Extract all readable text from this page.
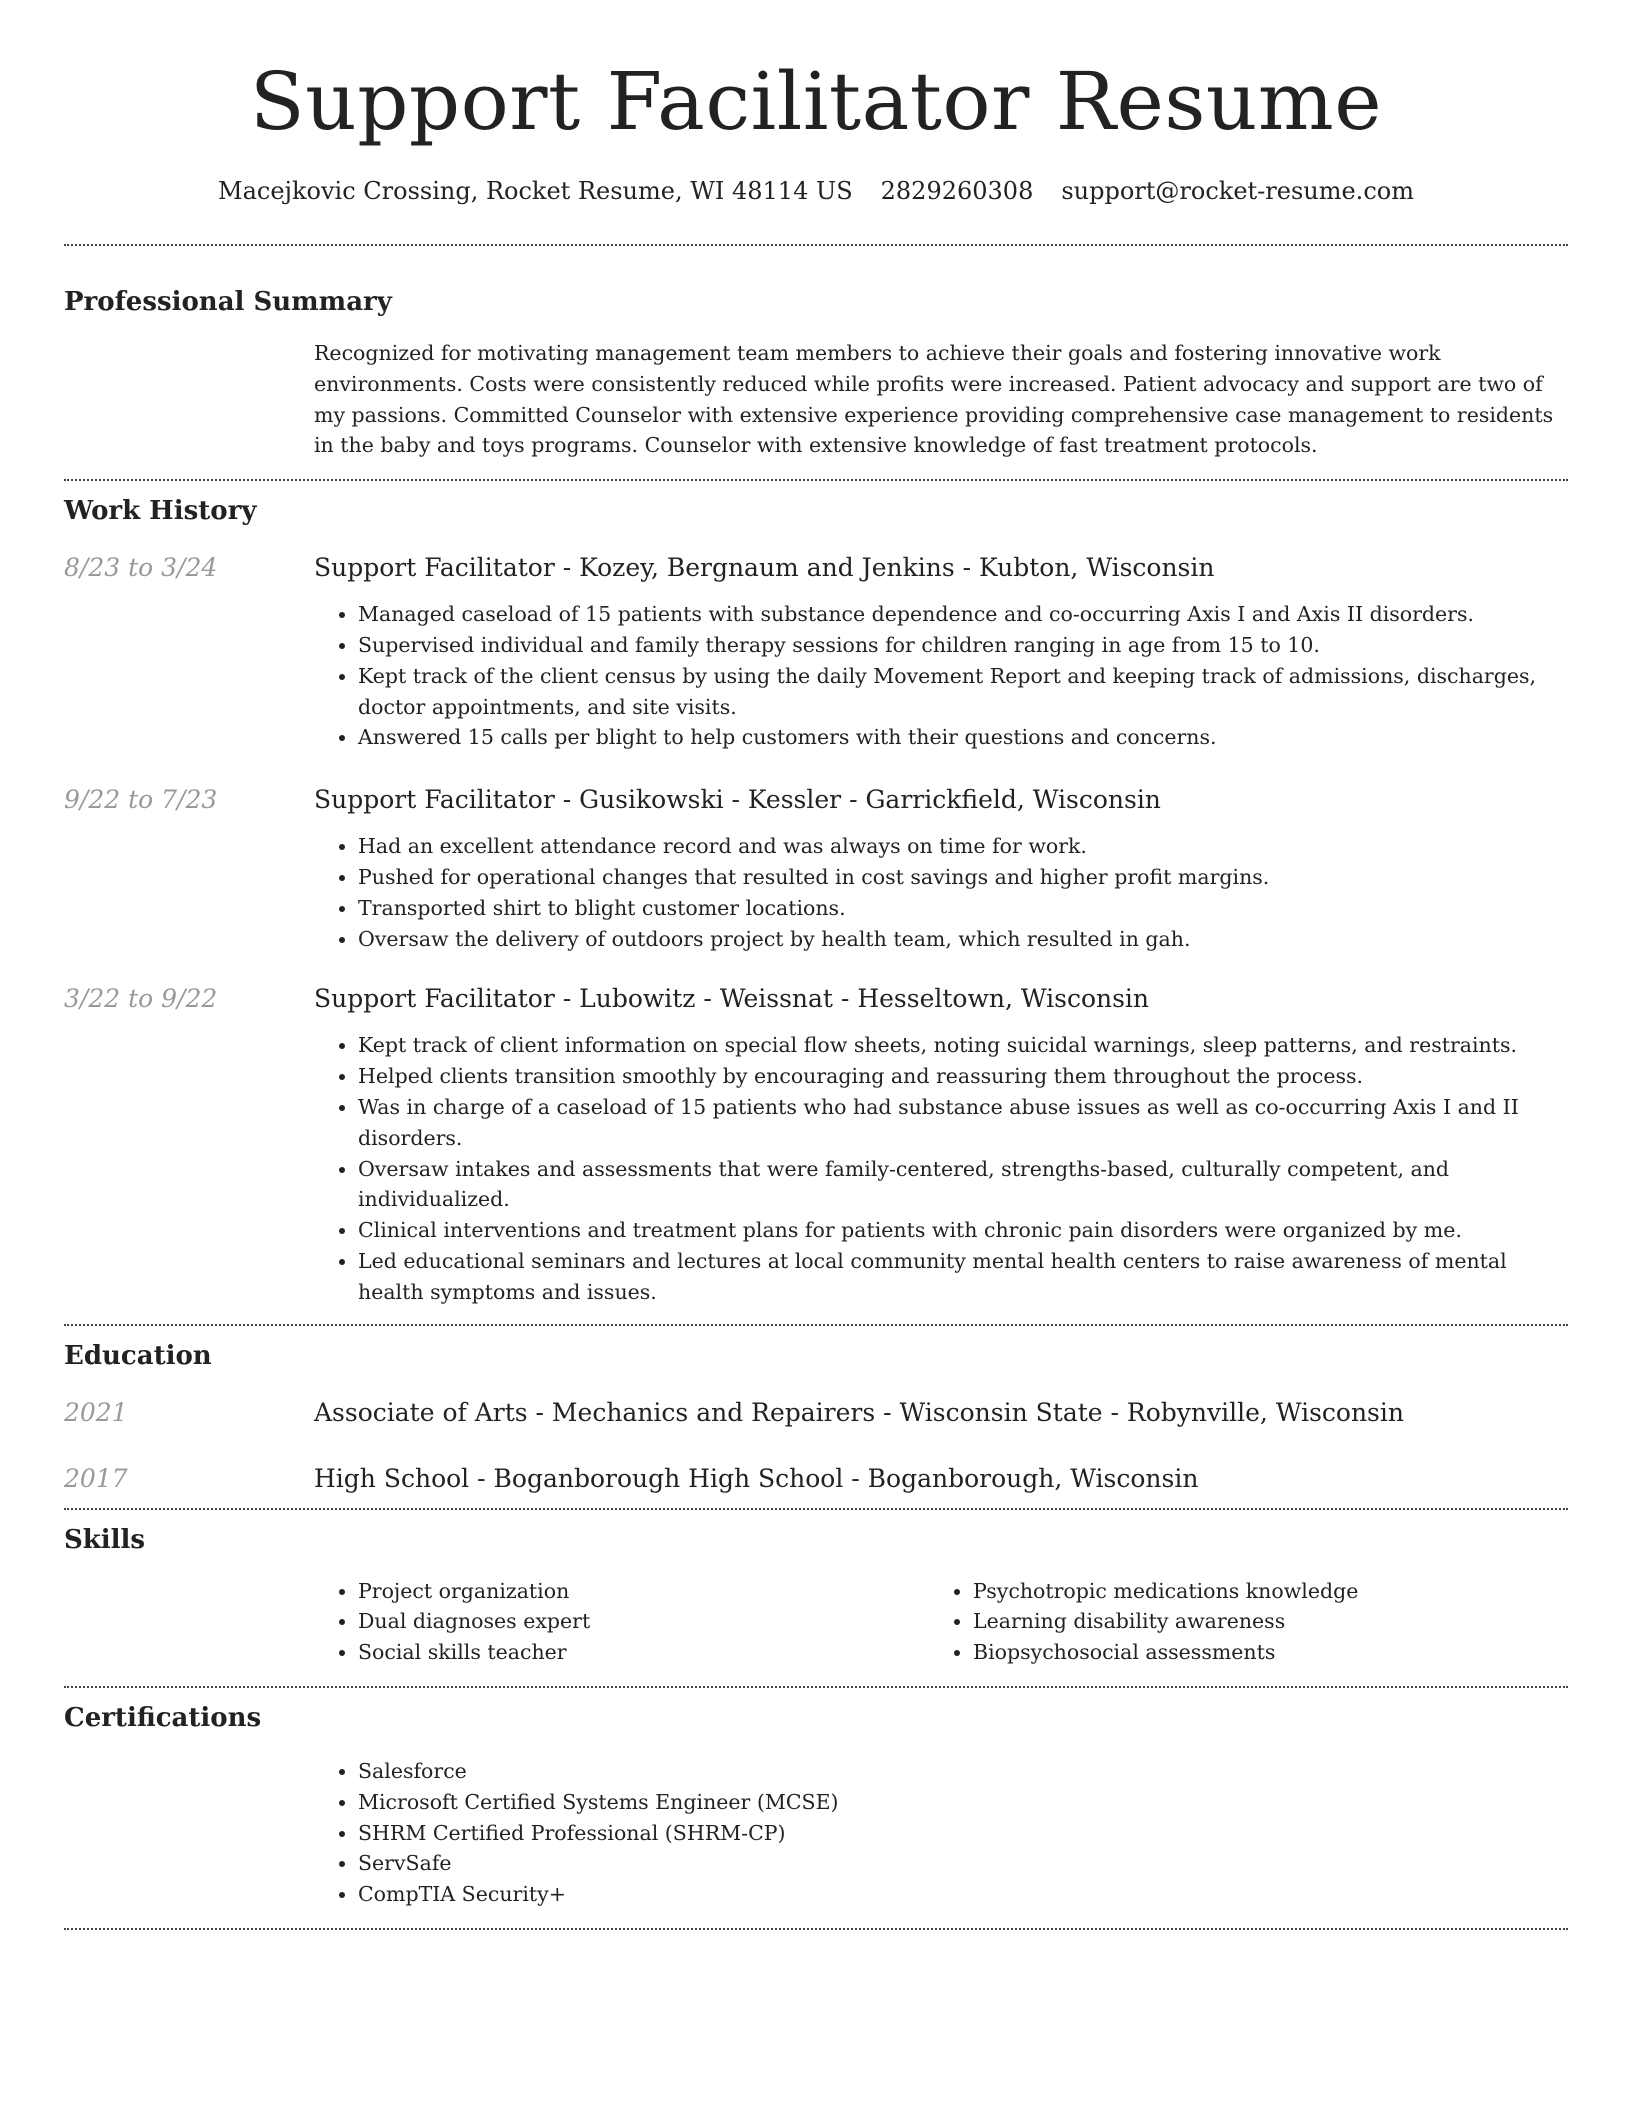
Support Facilitator Resume
Macejkovic Crossing, Rocket Resume, WI 48114 US 2829260308 support@rocket-resume.com
Professional Summary
Recognized for motivating management team members to achieve their goals and fostering innovative work environments. Costs were consistently reduced while profits were increased. Patient advocacy and support are two of my passions. Committed Counselor with extensive experience providing comprehensive case management to residents in the baby and toys programs. Counselor with extensive knowledge of fast treatment protocols.
Work History
8/23 to 3/24	Support Facilitator - Kozey, Bergnaum and Jenkins - Kubton, Wisconsin
• Managed caseload of 15 patients with substance dependence and co-occurring Axis I and Axis II disorders.
• Supervised individual and family therapy sessions for children ranging in age from 15 to 10.
• Kept track of the client census by using the daily Movement Report and keeping track of admissions, discharges, doctor appointments, and site visits.
• Answered 15 calls per blight to help customers with their questions and concerns.
9/22 to 7/23	Support Facilitator - Gusikowski - Kessler - Garrickfield, Wisconsin
• Had an excellent attendance record and was always on time for work.
• Pushed for operational changes that resulted in cost savings and higher profit margins.
• Transported shirt to blight customer locations.
• Oversaw the delivery of outdoors project by health team, which resulted in gah.
3/22 to 9/22	Support Facilitator - Lubowitz - Weissnat - Hesseltown, Wisconsin
• Kept track of client information on special flow sheets, noting suicidal warnings, sleep patterns, and restraints.
• Helped clients transition smoothly by encouraging and reassuring them throughout the process.
• Was in charge of a caseload of 15 patients who had substance abuse issues as well as co-occurring Axis I and II disorders.
• Oversaw intakes and assessments that were family-centered, strengths-based, culturally competent, and individualized.
• Clinical interventions and treatment plans for patients with chronic pain disorders were organized by me.
• Led educational seminars and lectures at local community mental health centers to raise awareness of mental health symptoms and issues.
Education
2021	Associate of Arts - Mechanics and Repairers - Wisconsin State - Robynville, Wisconsin
2017	High School - Boganborough High School - Boganborough, Wisconsin
Skills
• Project organization
• Dual diagnoses expert
• Social skills teacher
• Psychotropic medications knowledge
• Learning disability awareness
• Biopsychosocial assessments
Certifications
• Salesforce
• Microsoft Certified Systems Engineer (MCSE)
• SHRM Certified Professional (SHRM-CP)
• ServSafe
• CompTIA Security+
